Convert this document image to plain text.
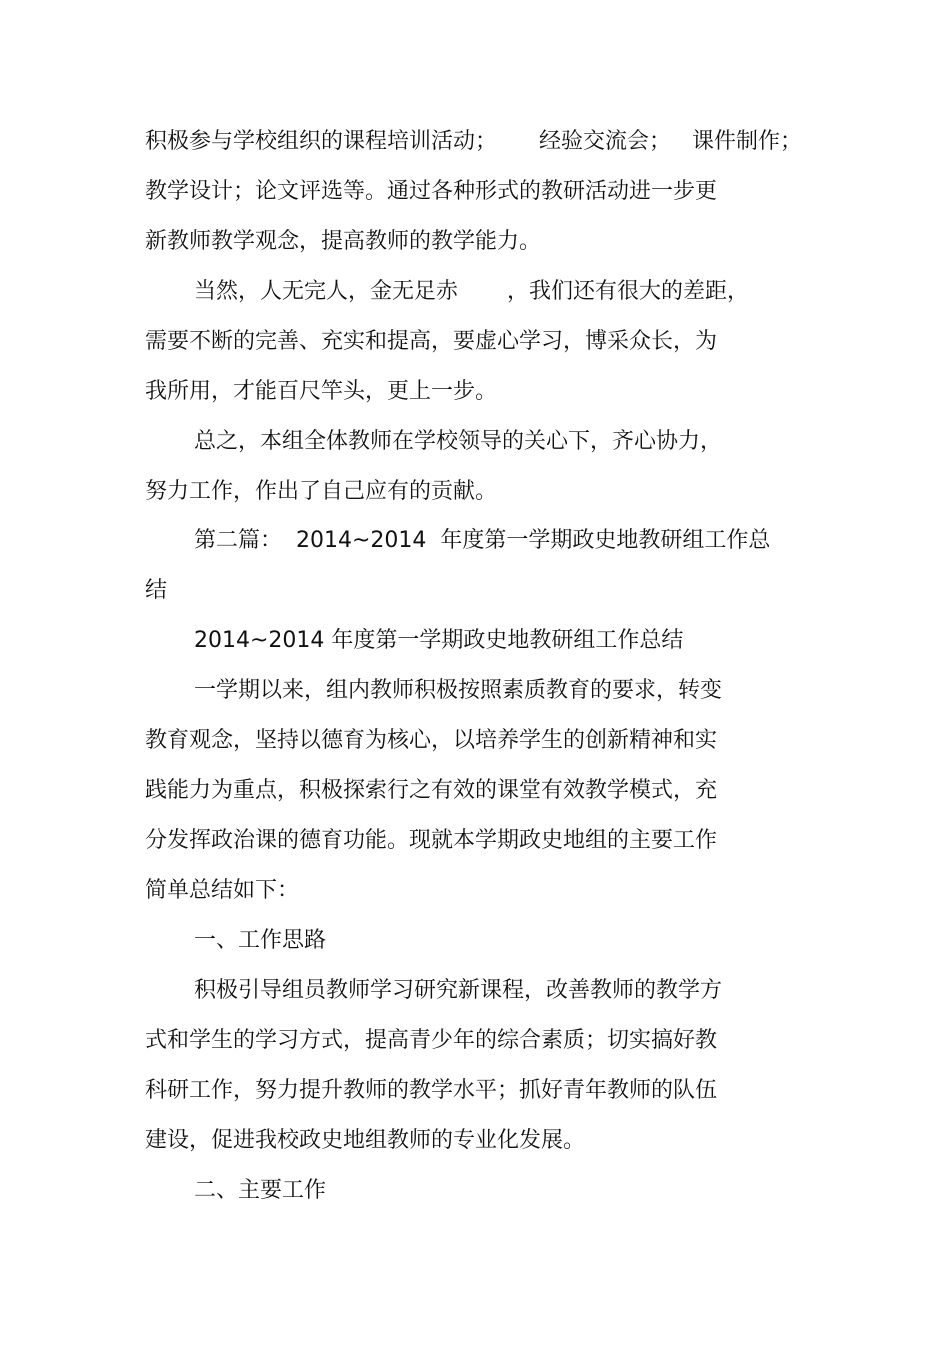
积极参与学校组织的课程培训活动；      经验交流会；   课件制作；
教学设计；论文评选等。通过各种形式的教研活动进一步更
新教师教学观念，提高教师的教学能力。
当然，人无完人，金无足赤       ，我们还有很大的差距，
需要不断的完善、充实和提高，要虚心学习，博采众长，为
我所用，才能百尺竿头，更上一步。
总之，本组全体教师在学校领导的关心下，齐心协力，
努力工作，作出了自己应有的贡献。
第二篇：  2014~2014  年度第一学期政史地教研组工作总
结
2014~2014 年度第一学期政史地教研组工作总结
一学期以来，组内教师积极按照素质教育的要求，转变
教育观念，坚持以德育为核心，以培养学生的创新精神和实
践能力为重点，积极探索行之有效的课堂有效教学模式，充
分发挥政治课的德育功能。现就本学期政史地组的主要工作
简单总结如下：
一、工作思路
积极引导组员教师学习研究新课程，改善教师的教学方
式和学生的学习方式，提高青少年的综合素质；切实搞好教
科研工作，努力提升教师的教学水平；抓好青年教师的队伍
建设，促进我校政史地组教师的专业化发展。
二、主要工作
